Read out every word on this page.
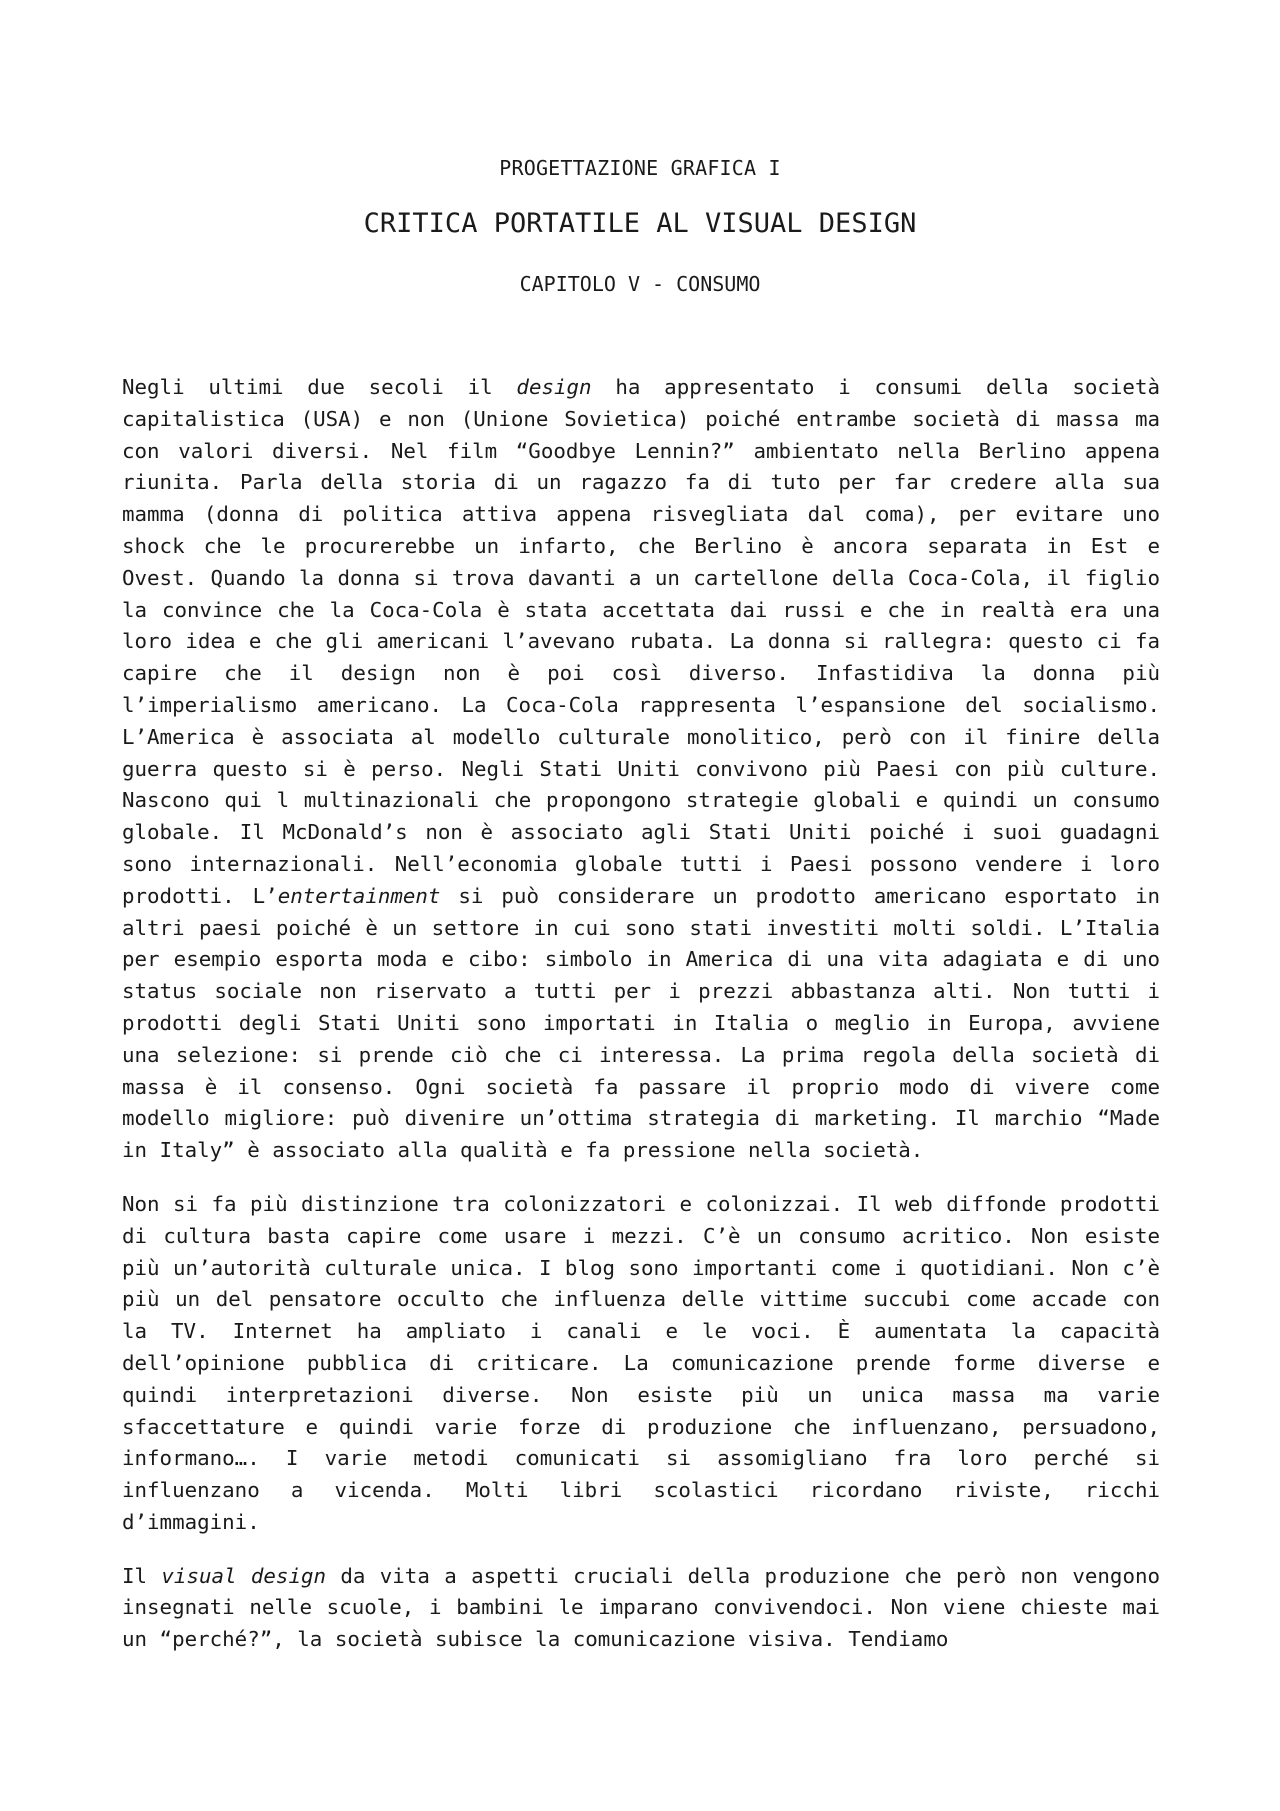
PROGETTAZIONE GRAFICA I
CRITICA PORTATILE AL VISUAL DESIGN
CAPITOLO V - CONSUMO

Negli ultimi due secoli il design ha appresentato i consumi della società capitalistica (USA) e non (Unione Sovietica) poiché entrambe società di massa ma con valori diversi. Nel film “Goodbye Lennin?” ambientato nella Berlino appena riunita. Parla della storia di un ragazzo fa di tuto per far credere alla sua mamma (donna di politica attiva appena risvegliata dal coma), per evitare uno shock che le procurerebbe un infarto, che Berlino è ancora separata in Est e Ovest. Quando la donna si trova davanti a un cartellone della Coca-Cola, il figlio la convince che la Coca-Cola è stata accettata dai russi e che in realtà era una loro idea e che gli americani l’avevano rubata. La donna si rallegra: questo ci fa capire che il design non è poi così diverso. Infastidiva la donna più l’imperialismo americano. La Coca-Cola rappresenta l’espansione del socialismo. L’America è associata al modello culturale monolitico, però con il finire della guerra questo si è perso. Negli Stati Uniti convivono più Paesi con più culture. Nascono qui l multinazionali che propongono strategie globali e quindi un consumo globale. Il McDonald’s non è associato agli Stati Uniti poiché i suoi guadagni sono internazionali. Nell’economia globale tutti i Paesi possono vendere i loro prodotti. L’entertainment si può considerare un prodotto americano esportato in altri paesi poiché è un settore in cui sono stati investiti molti soldi. L’Italia per esempio esporta moda e cibo: simbolo in America di una vita adagiata e di uno status sociale non riservato a tutti per i prezzi abbastanza alti. Non tutti i prodotti degli Stati Uniti sono importati in Italia o meglio in Europa, avviene una selezione: si prende ciò che ci interessa. La prima regola della società di massa è il consenso. Ogni società fa passare il proprio modo di vivere come modello migliore: può divenire un’ottima strategia di marketing. Il marchio “Made in Italy” è associato alla qualità e fa pressione nella società.

Non si fa più distinzione tra colonizzatori e colonizzai. Il web diffonde prodotti di cultura basta capire come usare i mezzi. C’è un consumo acritico. Non esiste più un’autorità culturale unica. I blog sono importanti come i quotidiani. Non c’è più un del pensatore occulto che influenza delle vittime succubi come accade con la TV. Internet ha ampliato i canali e le voci. È aumentata la capacità dell’opinione pubblica di criticare. La comunicazione prende forme diverse e quindi interpretazioni diverse. Non esiste più un unica massa ma varie sfaccettature e quindi varie forze di produzione che influenzano, persuadono, informano…. I varie metodi comunicati si assomigliano fra loro perché si influenzano a vicenda. Molti libri scolastici ricordano riviste, ricchi d’immagini.

Il visual design da vita a aspetti cruciali della produzione che però non vengono insegnati nelle scuole, i bambini le imparano convivendoci. Non viene chieste mai un “perché?”, la società subisce la comunicazione visiva. Tendiamo
